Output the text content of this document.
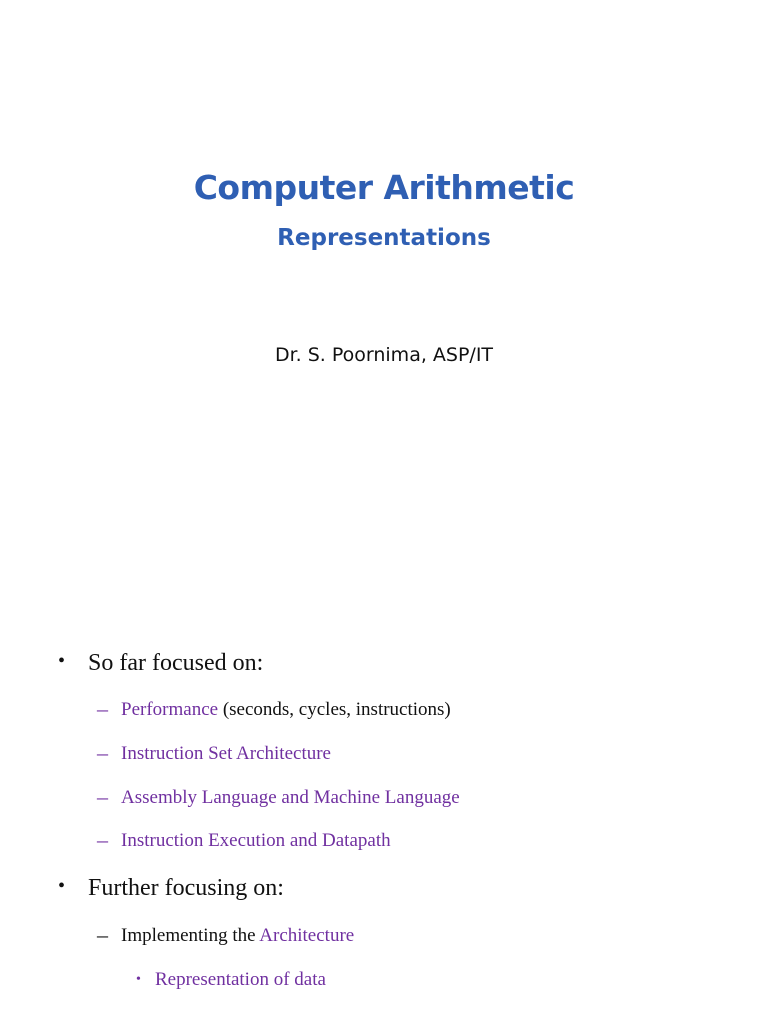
Computer Arithmetic
Representations
Dr. S. Poornima, ASP/IT
• So far focused on:
– Performance (seconds, cycles, instructions)
– Instruction Set Architecture
– Assembly Language and Machine Language
– Instruction Execution and Datapath
• Further focusing on:
– Implementing the Architecture
• Representation of data
